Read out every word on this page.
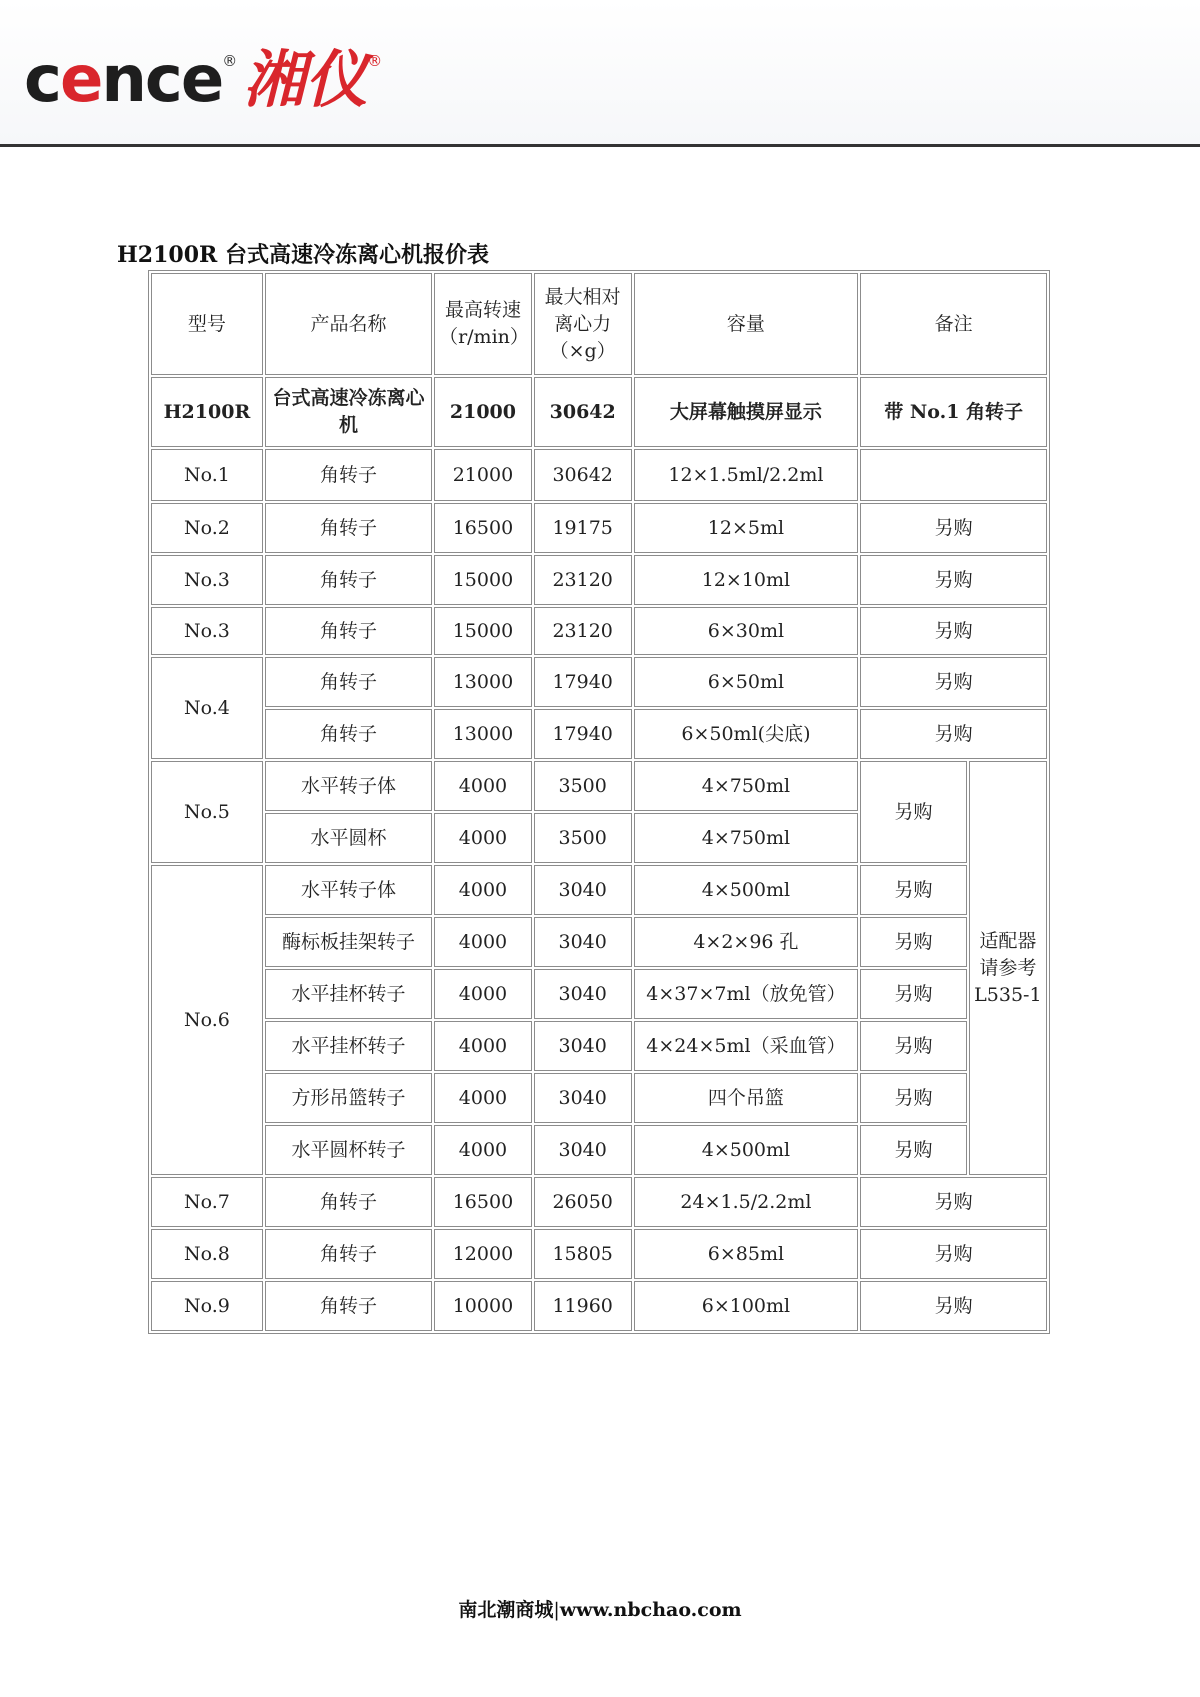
cence ® 湘仪 ®
H2100R 台式高速冷冻离心机报价表
型号	产品名称	最高转速（r/min）	最大相对离心力（×g）	容量	备注	
H2100R	台式高速冷冻离心机	21000	30642	大屏幕触摸屏显示	带 No.1 角转子	
No.1	角转子	21000	30642	12×1.5ml/2.2ml		
No.2	角转子	16500	19175	12×5ml	另购	
No.3	角转子	15000	23120	12×10ml	另购	
No.3	角转子	15000	23120	6×30ml	另购	
No.4	角转子	13000	17940	6×50ml	另购	
	角转子	13000	17940	6×50ml(尖底)	另购	
No.5	水平转子体	4000	3500	4×750ml	另购	适配器请参考 L535-1
	水平圆杯	4000	3500	4×750ml		
No.6	水平转子体	4000	3040	4×500ml	另购	
	酶标板挂架转子	4000	3040	4×2×96 孔	另购	
	水平挂杯转子	4000	3040	4×37×7ml（放免管）	另购	
	水平挂杯转子	4000	3040	4×24×5ml（采血管）	另购	
	方形吊篮转子	4000	3040	四个吊篮	另购	
	水平圆杯转子	4000	3040	4×500ml	另购	
No.7	角转子	16500	26050	24×1.5/2.2ml	另购	
No.8	角转子	12000	15805	6×85ml	另购	
No.9	角转子	10000	11960	6×100ml	另购	
南北潮商城|www.nbchao.com
